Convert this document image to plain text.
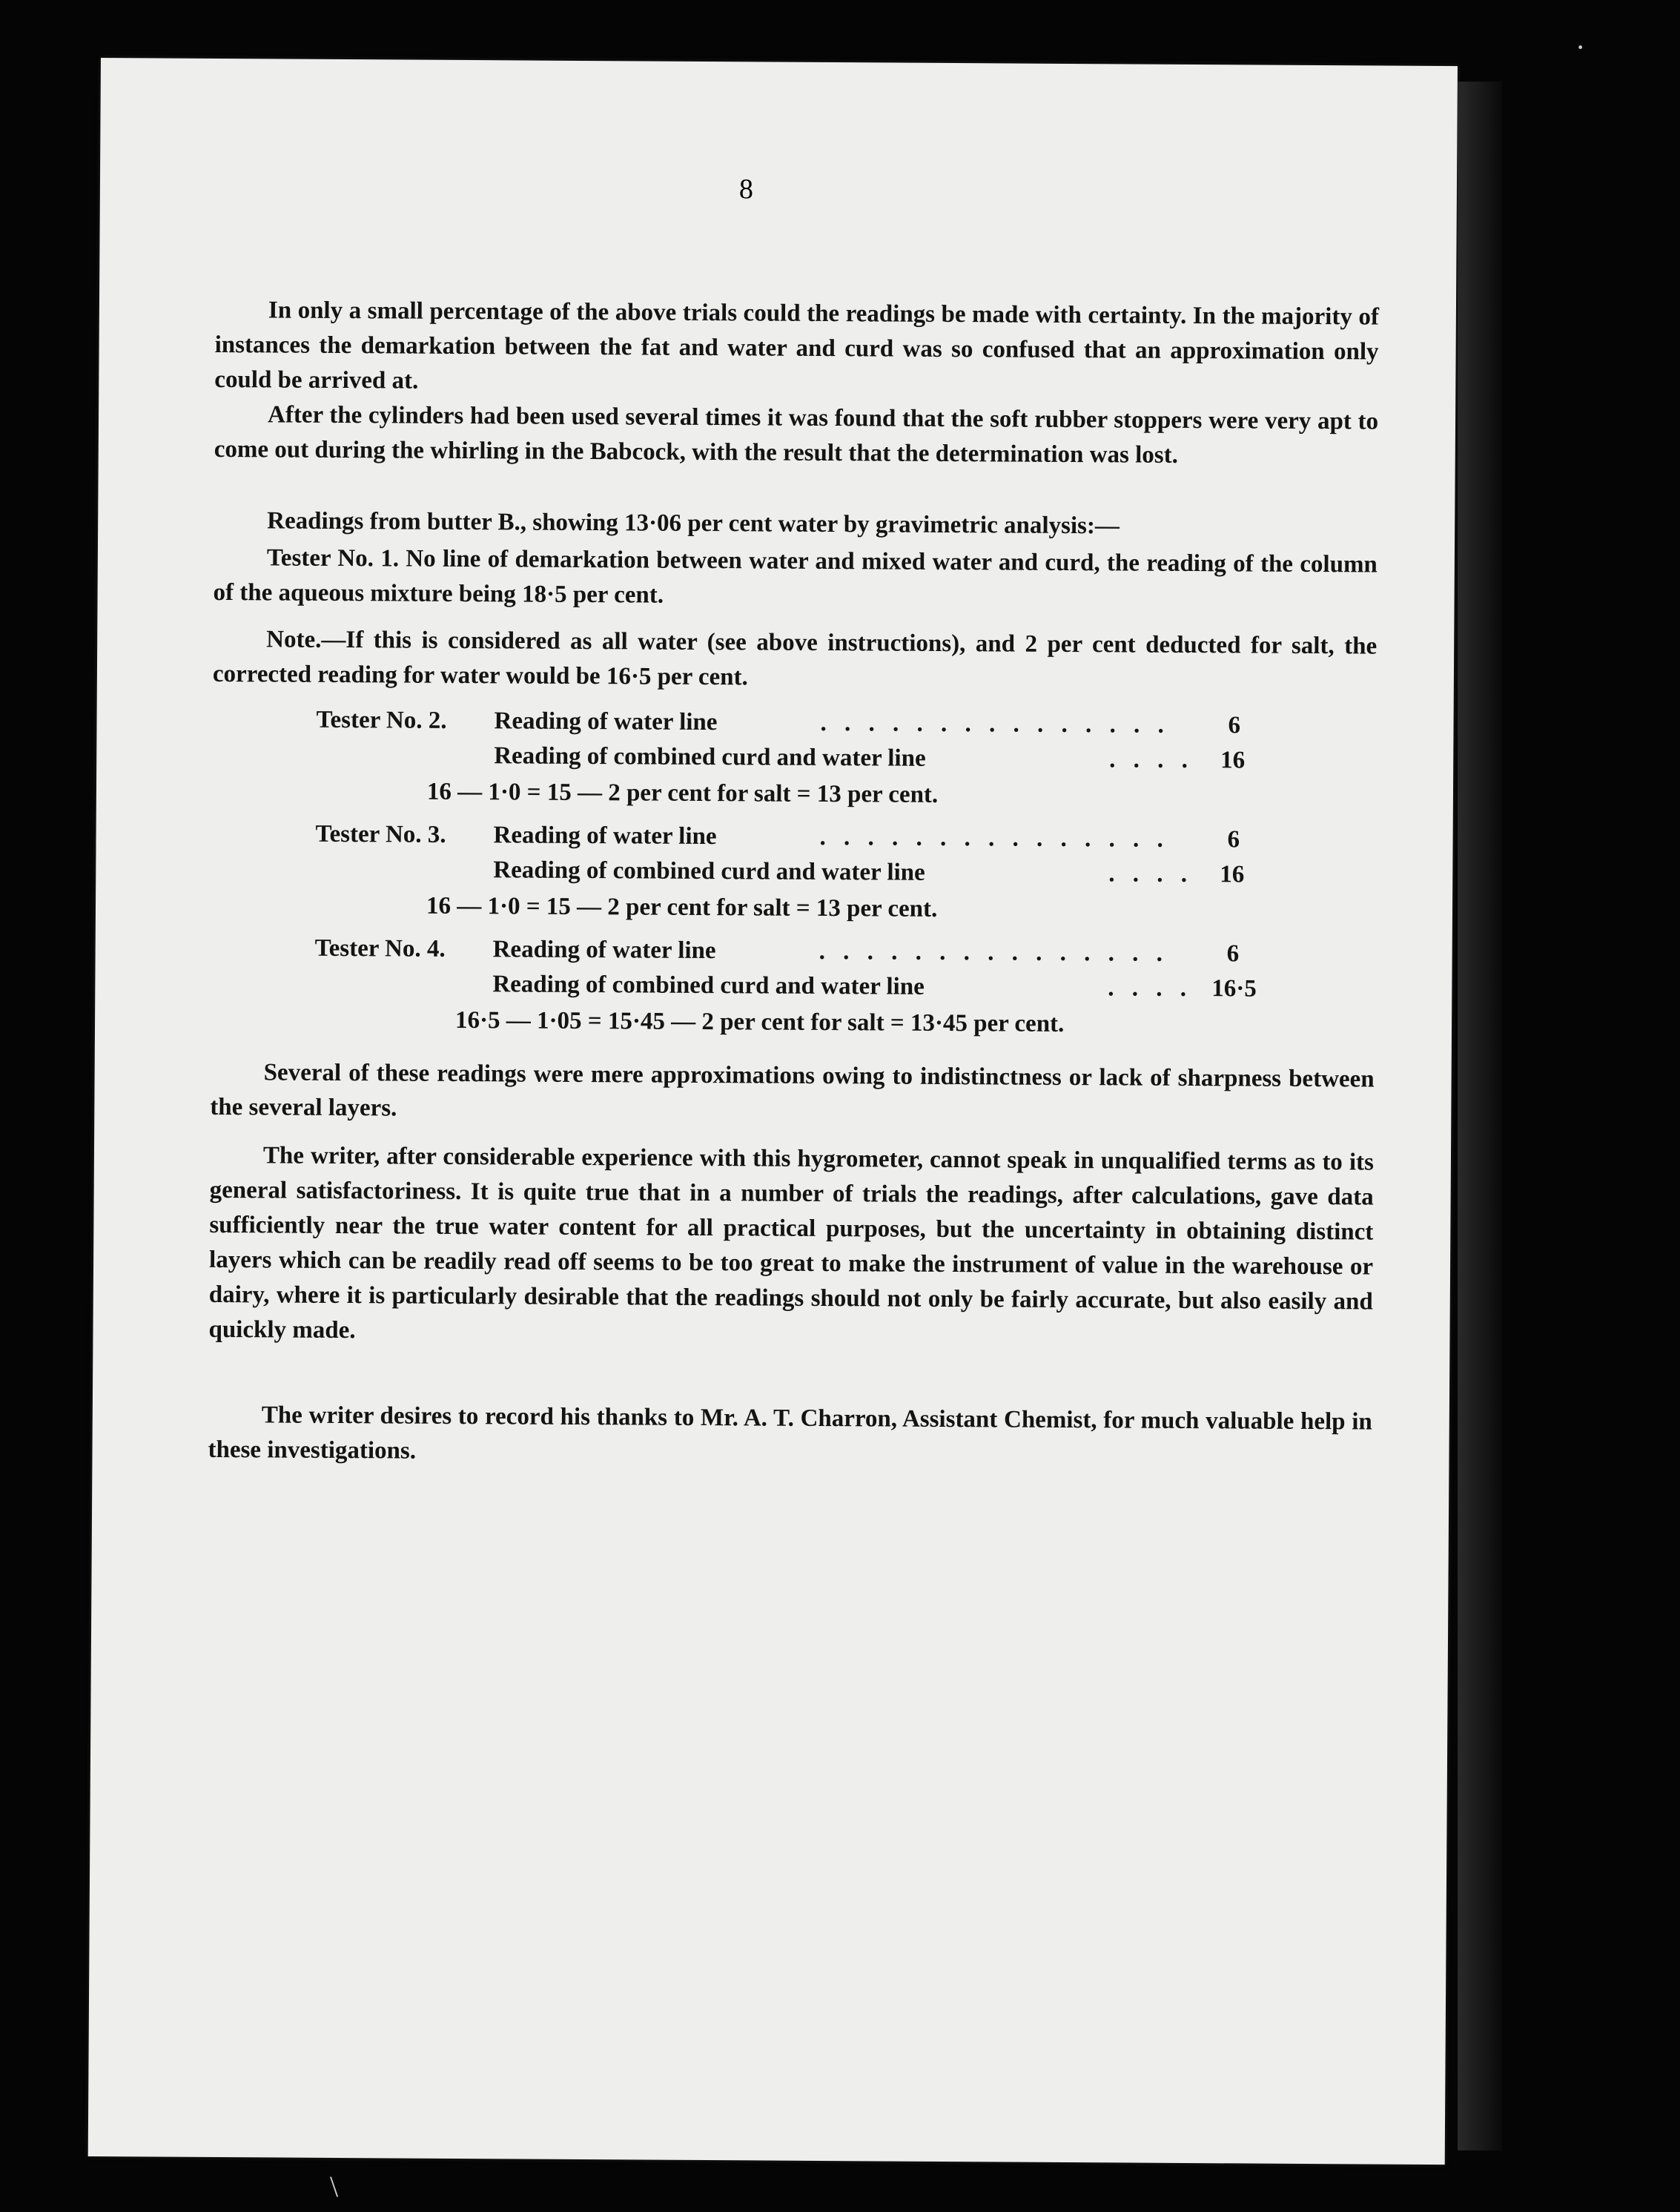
8

In only a small percentage of the above trials could the readings be made with certainty. In the majority of instances the demarkation between the fat and water and curd was so confused that an approximation only could be arrived at.

After the cylinders had been used several times it was found that the soft rubber stoppers were very apt to come out during the whirling in the Babcock, with the result that the determination was lost.

Readings from butter B., showing 13·06 per cent water by gravimetric analysis:—

Tester No. 1. No line of demarkation between water and mixed water and curd, the reading of the column of the aqueous mixture being 18·5 per cent.

Note.—If this is considered as all water (see above instructions), and 2 per cent deducted for salt, the corrected reading for water would be 16·5 per cent.

Tester No. 2. Reading of water line	. . . . . . . . . . . . . . . 6
Reading of combined curd and water line	. . . . 16
16 — 1·0 = 15 — 2 per cent for salt = 13 per cent.
Tester No. 3. Reading of water line	. . . . . . . . . . . . . . . 6
Reading of combined curd and water line	. . . . 16
16 — 1·0 = 15 — 2 per cent for salt = 13 per cent.
Tester No. 4. Reading of water line	. . . . . . . . . . . . . . . 6
Reading of combined curd and water line	. . . . 16·5
16·5 — 1·05 = 15·45 — 2 per cent for salt = 13·45 per cent.

Several of these readings were mere approximations owing to indistinctness or lack of sharpness between the several layers.

The writer, after considerable experience with this hygrometer, cannot speak in unqualified terms as to its general satisfactoriness. It is quite true that in a number of trials the readings, after calculations, gave data sufficiently near the true water content for all practical purposes, but the uncertainty in obtaining distinct layers which can be readily read off seems to be too great to make the instrument of value in the warehouse or dairy, where it is particularly desirable that the readings should not only be fairly accurate, but also easily and quickly made.

The writer desires to record his thanks to Mr. A. T. Charron, Assistant Chemist, for much valuable help in these investigations.

·
\
